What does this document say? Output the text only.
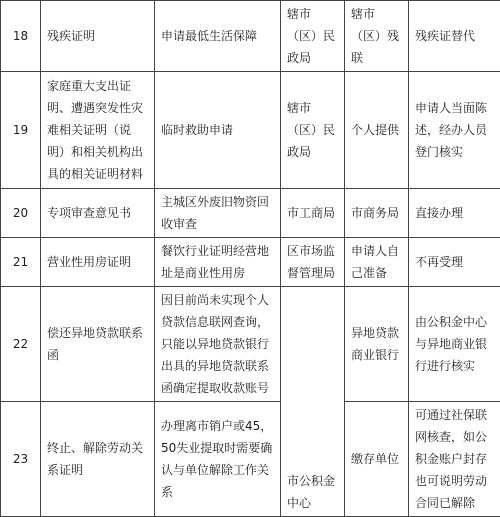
18	残疾证明	申请最低生活保障	辖市（区）民政局	辖市（区）残联	残疾证替代
19	家庭重大支出证明、遭遇突发性灾难相关证明（说明）和相关机构出具的相关证明材料	临时救助申请	辖市（区）民政局	个人提供	申请人当面陈述，经办人员登门核实
20	专项审查意见书	主城区外废旧物资回收审查	市工商局	市商务局	直接办理
21	营业性用房证明	餐饮行业证明经营地址是商业性用房	区市场监督管理局	申请人自己准备	不再受理
22	偿还异地贷款联系函	因目前尚未实现个人贷款信息联网查询，只能以异地贷款银行出具的异地贷款联系函确定提取收款账号	市公积金中心	异地贷款商业银行	由公积金中心与异地商业银行进行核实
23	终止、解除劳动关系证明	办理离市销户或45，50失业提取时需要确认与单位解除工作关系		缴存单位	可通过社保联网核查，如公积金账户封存也可说明劳动合同已解除
